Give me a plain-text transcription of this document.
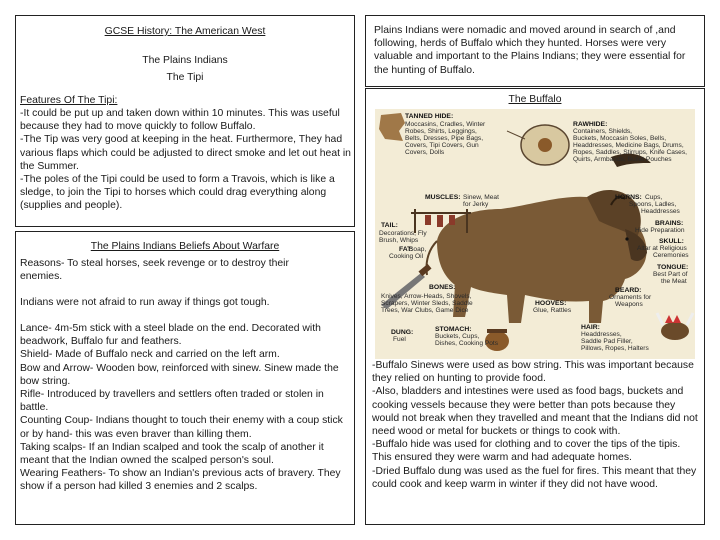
GCSE History: The American West
The Plains Indians
The Tipi
Features Of The Tipi:
-It could be put up and taken down within 10 minutes. This was useful because they had to move quickly to follow Buffalo.
-The Tip was very good at keeping in the heat. Furthermore, They had various flaps which could be adjusted to direct smoke and let out heat in the Summer.
-The poles of the Tipi could be used to form a Travois, which is like a sledge, to join the Tipi to horses which could drag everything along (supplies and people).
The Plains Indians Beliefs About Warfare
Reasons- To steal horses, seek revenge or to destroy their enemies.
Indians were not afraid to run away if things got tough.
Lance- 4m-5m stick with a steel blade on the end. Decorated with beadwork, Buffalo fur and feathers.
Shield- Made of Buffalo neck and carried on the left arm.
Bow and Arrow- Wooden bow, reinforced with sinew. Sinew made the bow string.
Rifle- Introduced by travellers and settlers often traded or stolen in battle.
Counting Coup- Indians thought to touch their enemy with a coup stick or by hand- this was even braver than killing them.
Taking scalps- If an Indian scalped and took the scalp of another it meant that the Indian owned the scalped person's soul.
Wearing Feathers- To show an Indian's previous acts of bravery. They show if a person had killed 3 enemies and 2 scalps.
Plains Indians were nomadic and moved around in search of ,and following, herds of Buffalo which they hunted. Horses were very valuable and important to the Plains Indians; they were essential for the hunting of Buffalo.
The Buffalo
TANNED HIDE:
Moccasins, Cradles, Winter Robes, Shirts, Leggings, Belts, Dresses, Pipe Bags, Covers, Tipi Covers, Gun Covers, Dolls
RAWHIDE:
Containers, Shields, Buckets, Moccasin Soles, Bells, Headdresses, Medicine Bags, Drums, Ropes, Saddles, Stirrups, Knife Cases, Quirts, Armbands, Bullet Pouches
MUSCLES: Sinew, Meat for Jerky
HORNS: Cups, Spoons, Ladles, Headdresses
TAIL:
Decorations, Fly Brush, Whips
BRAINS:
Hide Preparation
FAT:
Soap, Cooking Oil
SKULL:
Altar at Religious Ceremonies
TONGUE:
Best Part of the Meat
BONES:
Knives, Arrow-Heads, Shovels, Scrapers, Winter Sleds, Saddle Trees, War Clubs, Game Dice
HOOVES:
Glue, Rattles
BEARD:
Ornaments for Weapons
DUNG:
Fuel
STOMACH:
Buckets, Cups, Dishes, Cooking Pots
HAIR:
Headdresses, Saddle Pad Filler, Pillows, Ropes, Halters
-Buffalo Sinews were used as bow string. This was important because they relied on hunting to provide food.
-Also, bladders and intestines were used as food bags, buckets and cooking vessels because they were better than pots because they would not break when they travelled and meant that the Indians did not need wood or metal for buckets or things to cook with.
-Buffalo hide was used for clothing and to cover the tips of the tipis. This ensured they were warm and had adequate homes.
-Dried Buffalo dung was used as the fuel for fires. This meant that they could cook and keep warm in winter if they did not have wood.
